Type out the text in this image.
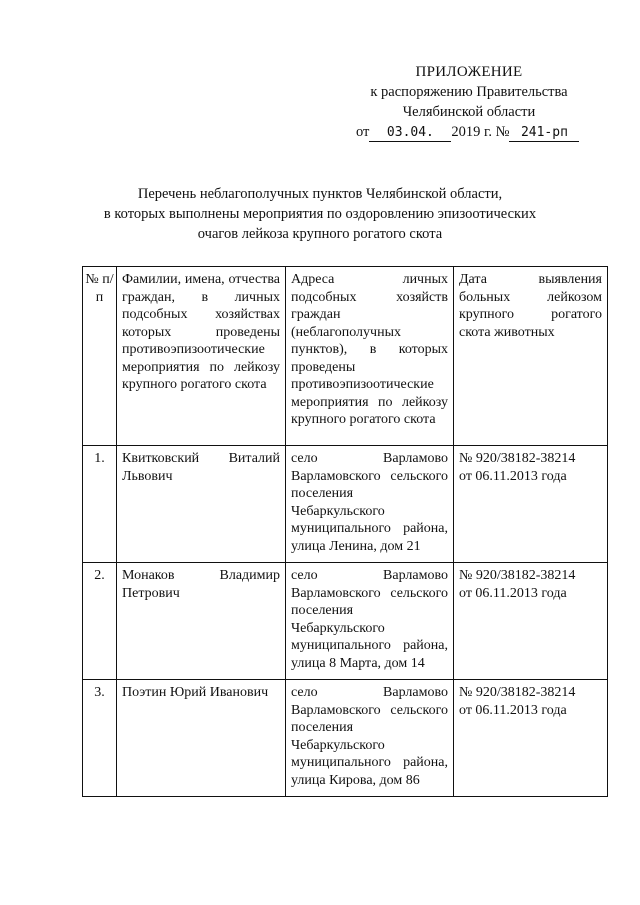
ПРИЛОЖЕНИЕ
к распоряжению Правительства
Челябинской области
от 03.04. 2019 г. № 241-рп
Перечень неблагополучных пунктов Челябинской области,
в которых выполнены мероприятия по оздоровлению эпизоотических
очагов лейкоза крупного рогатого скота
№ п/п	Фамилии, имена, отчества граждан, в личных подсобных хозяйствах которых проведены противоэпизоотические мероприятия по лейкозу крупного рогатого скота	Адреса личных подсобных хозяйств граждан (неблагополучных пунктов), в которых проведены противоэпизоотические мероприятия по лейкозу крупного рогатого скота	Дата выявления больных лейкозом крупного рогатого скота животных
1.	Квитковский Виталий Львович	село Варламово Варламовского сельского поселения Чебаркульского муниципального района, улица Ленина, дом 21	№ 920/38182-38214
от 06.11.2013 года

2.	Монаков Владимир Петрович	село Варламово Варламовского сельского поселения Чебаркульского муниципального района, улица 8 Марта, дом 14	№ 920/38182-38214
от 06.11.2013 года

3.	Поэтин Юрий Иванович	село Варламово Варламовского сельского поселения Чебаркульского муниципального района, улица Кирова, дом 86	№ 920/38182-38214
от 06.11.2013 года
